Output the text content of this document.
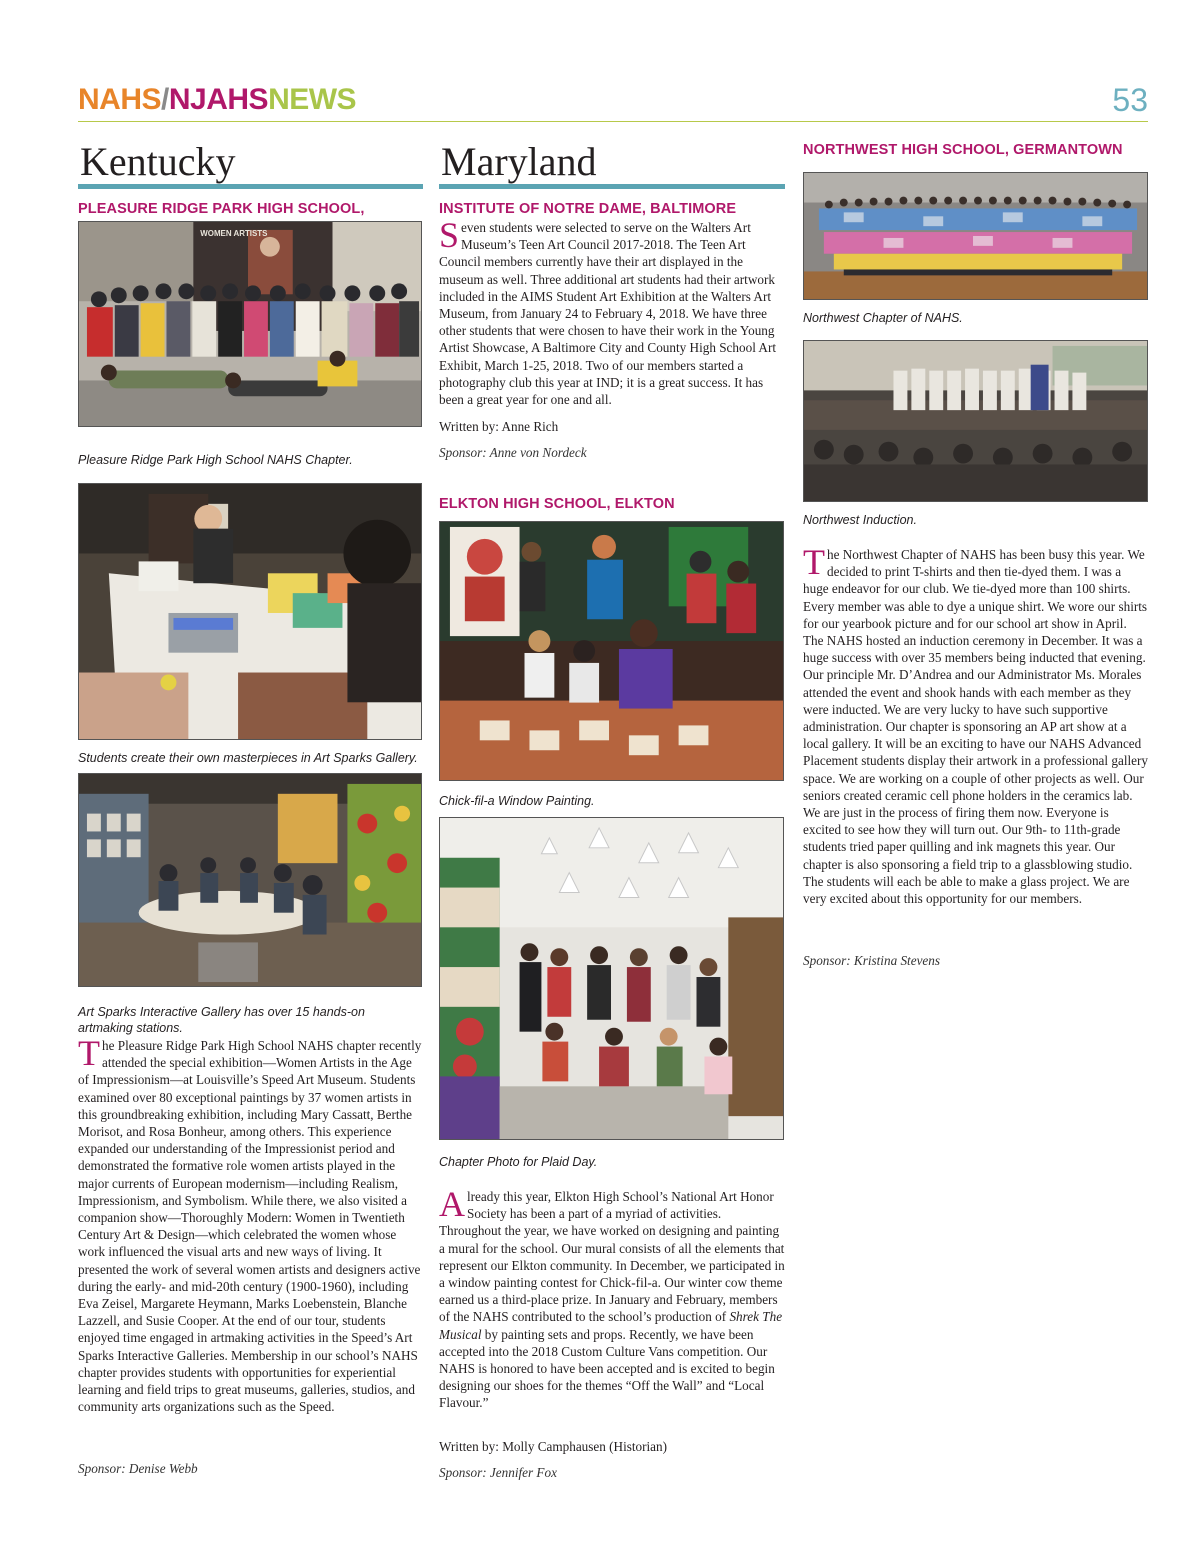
NAHS/NJAHSNEWS	53
Kentucky
PLEASURE RIDGE PARK HIGH SCHOOL,
WOMEN ARTISTS
Pleasure Ridge Park High School NAHS Chapter.
Students create their own masterpieces in Art Sparks Gallery.
Art Sparks Interactive Gallery has over 15 hands-on artmaking stations.
The Pleasure Ridge Park High School NAHS chapter recently attended the special exhibition—Women Artists in the Age of Impressionism—at Louisville’s Speed Art Museum. Students examined over 80 exceptional paintings by 37 women artists in this groundbreaking exhibition, including Mary Cassatt, Berthe Morisot, and Rosa Bonheur, among others. This experience expanded our understanding of the Impressionist period and demonstrated the formative role women artists played in the major currents of European modernism—including Realism, Impressionism, and Symbolism. While there, we also visited a companion show—Thoroughly Modern: Women in Twentieth Century Art & Design—which celebrated the women whose work influenced the visual arts and new ways of living. It presented the work of several women artists and designers active during the early- and mid-20th century (1900-1960), including Eva Zeisel, Margarete Heymann, Marks Loebenstein, Blanche Lazzell, and Susie Cooper. At the end of our tour, students enjoyed time engaged in artmaking activities in the Speed’s Art Sparks Interactive Galleries. Membership in our school’s NAHS chapter provides students with opportunities for experiential learning and field trips to great museums, galleries, studios, and community arts organizations such as the Speed.
Sponsor: Denise Webb
Maryland
INSTITUTE OF NOTRE DAME, BALTIMORE
Seven students were selected to serve on the Walters Art Museum’s Teen Art Council 2017-2018. The Teen Art Council members currently have their art displayed in the museum as well. Three additional art students had their artwork included in the AIMS Student Art Exhibition at the Walters Art Museum, from January 24 to February 4, 2018. We have three other students that were chosen to have their work in the Young Artist Showcase, A Baltimore City and County High School Art Exhibit, March 1-25, 2018. Two of our members started a photography club this year at IND; it is a great success. It has been a great year for one and all.
Written by: Anne Rich
Sponsor: Anne von Nordeck
ELKTON HIGH SCHOOL, ELKTON
Chick-fil-a Window Painting.
Chapter Photo for Plaid Day.
Already this year, Elkton High School’s National Art Honor Society has been a part of a myriad of activities. Throughout the year, we have worked on designing and painting a mural for the school. Our mural consists of all the elements that represent our Elkton community. In December, we participated in a window painting contest for Chick-fil-a. Our winter cow theme earned us a third-place prize. In January and February, members of the NAHS contributed to the school’s production of Shrek The Musical by painting sets and props. Recently, we have been accepted into the 2018 Custom Culture Vans competition. Our NAHS is honored to have been accepted and is excited to begin designing our shoes for the themes “Off the Wall” and “Local Flavour.”
Written by: Molly Camphausen (Historian)
Sponsor: Jennifer Fox
NORTHWEST HIGH SCHOOL, GERMANTOWN
Northwest Chapter of NAHS.
Northwest Induction.
The Northwest Chapter of NAHS has been busy this year. We decided to print T-shirts and then tie-dyed them. I was a huge endeavor for our club. We tie-dyed more than 100 shirts. Every member was able to dye a unique shirt. We wore our shirts for our yearbook picture and for our school art show in April. The NAHS hosted an induction ceremony in December. It was a huge success with over 35 members being inducted that evening. Our principle Mr. D’Andrea and our Administrator Ms. Morales attended the event and shook hands with each member as they were inducted. We are very lucky to have such supportive administration. Our chapter is sponsoring an AP art show at a local gallery. It will be an exciting to have our NAHS Advanced Placement students display their artwork in a professional gallery space. We are working on a couple of other projects as well. Our seniors created ceramic cell phone holders in the ceramics lab. We are just in the process of firing them now. Everyone is excited to see how they will turn out. Our 9th- to 11th-grade students tried paper quilling and ink magnets this year. Our chapter is also sponsoring a field trip to a glassblowing studio. The students will each be able to make a glass project. We are very excited about this opportunity for our members.
Sponsor: Kristina Stevens
